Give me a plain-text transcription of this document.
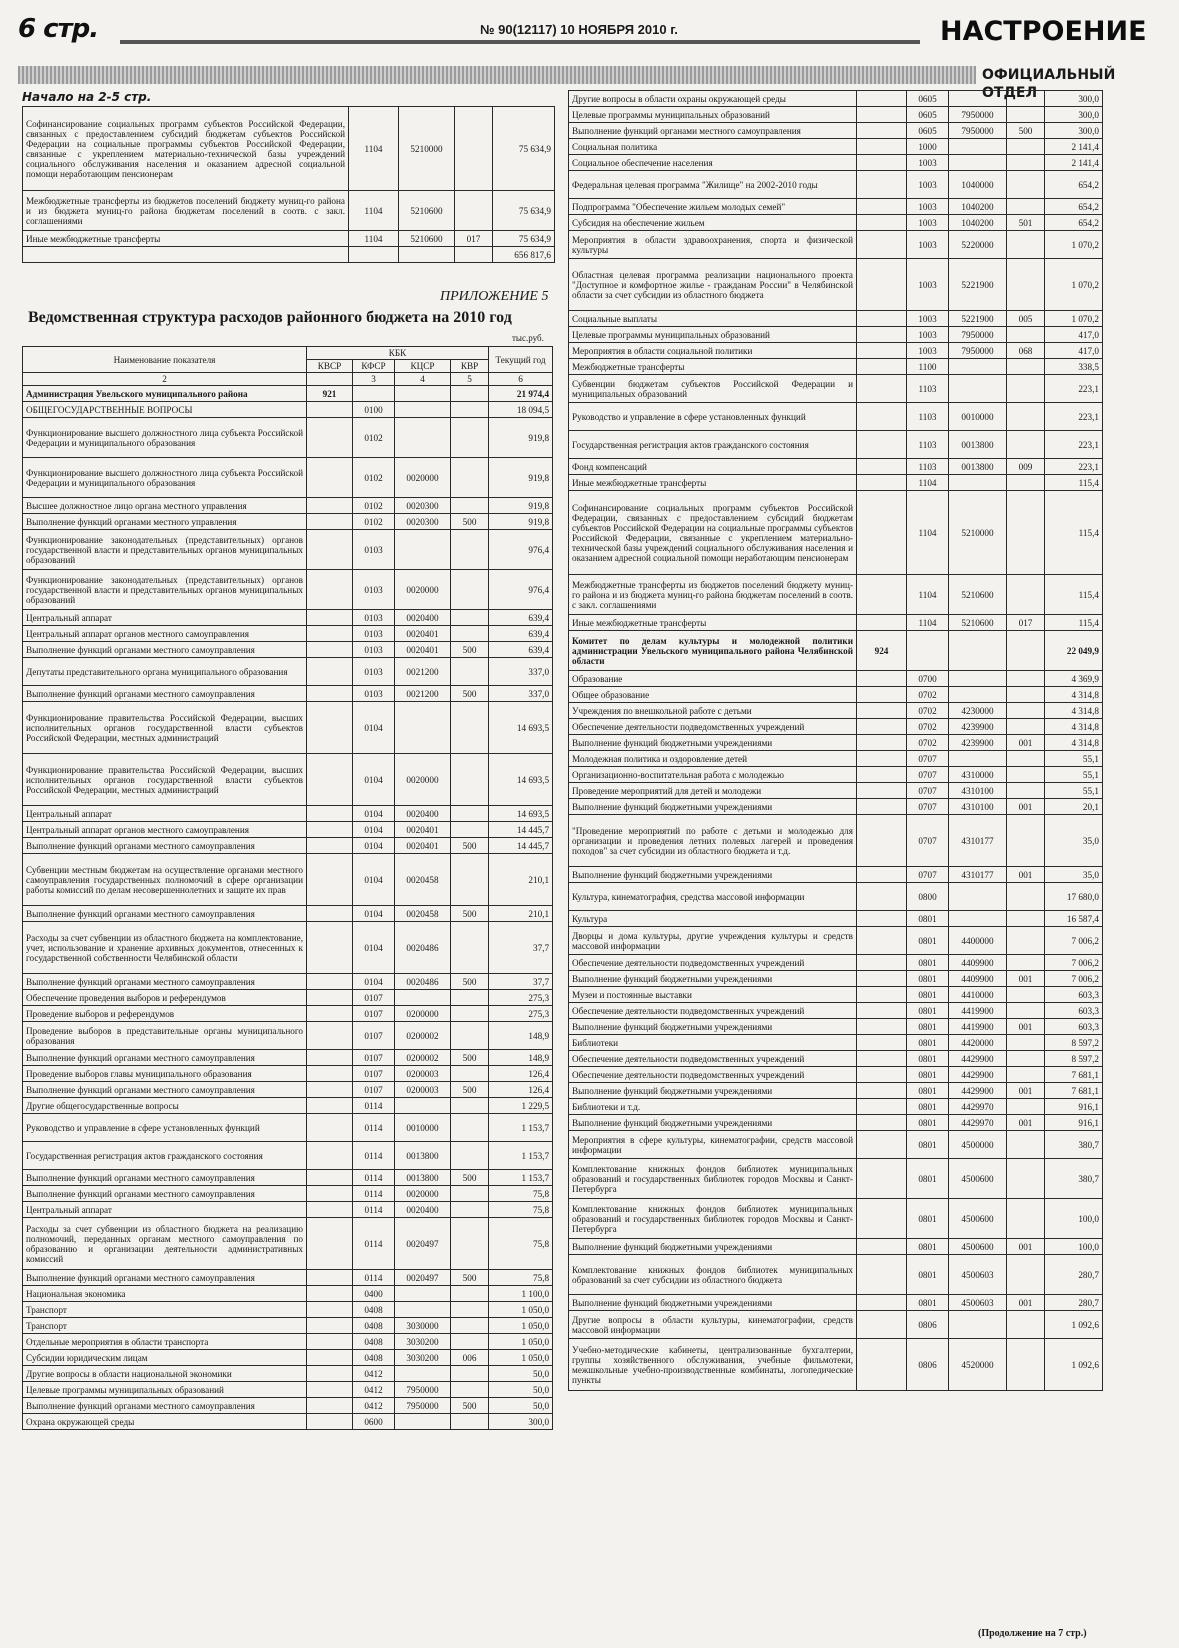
6 стр.	№ 90(12117) 10 НОЯБРЯ 2010 г.	НАСТРОЕНИЕ
ОФИЦИАЛЬНЫЙ ОТДЕЛ
Начало на 2-5 стр.
Софинансирование социальных программ субъектов Российской Федерации, связанных с предоставлением субсидий бюджетам субъектов Российской Федерации на социальные программы субъектов Российской Федерации, связанные с укреплением материально-технической базы учреждений социального обслуживания населения и оказанием адресной социальной помощи неработающим пенсионерам	1104	5210000		75 634,9
Межбюджетные трансферты из бюджетов поселений бюджету муниц-го района и из бюджета муниц-го района бюджетам поселений в соотв. с закл. соглашениями	1104	5210600		75 634,9
Иные межбюджетные трансферты	1104	5210600	017	75 634,9
				656 817,6
ПРИЛОЖЕНИЕ 5
Ведомственная структура расходов районного бюджета на 2010 год
тыс.руб.
Наименование показателя	КБК				Текущий год
	КВСР	КФСР	КЦСР	КВР	
2		3	4	5	6
Администрация Увельского муниципального района	921				21 974,4
ОБЩЕГОСУДАРСТВЕННЫЕ ВОПРОСЫ		0100			18 094,5
Функционирование высшего должностного лица субъекта Российской Федерации и муниципального образования		0102			919,8
Функционирование высшего должностного лица субъекта Российской Федерации и муниципального образования		0102	0020000		919,8
Высшее должностное лицо органа местного управления		0102	0020300		919,8
Выполнение функций органами местного управления		0102	0020300	500	919,8
Функционирование законодательных (представительных) органов государственной власти и представительных органов муниципальных образований		0103			976,4
Функционирование законодательных (представительных) органов государственной власти и представительных органов муниципальных образований		0103	0020000		976,4
Центральный аппарат		0103	0020400		639,4
Центральный аппарат органов местного самоуправления		0103	0020401		639,4
Выполнение функций органами местного самоуправления		0103	0020401	500	639,4
Депутаты представительного органа муниципального образования		0103	0021200		337,0
Выполнение функций органами местного самоуправления		0103	0021200	500	337,0
Функционирование правительства Российской Федерации, высших исполнительных органов государственной власти субъектов Российской Федерации, местных администраций		0104			14 693,5
Функционирование правительства Российской Федерации, высших исполнительных органов государственной власти субъектов Российской Федерации, местных администраций		0104	0020000		14 693,5
Центральный аппарат		0104	0020400		14 693,5
Центральный аппарат органов местного самоуправления		0104	0020401		14 445,7
Выполнение функций органами местного самоуправления		0104	0020401	500	14 445,7
Субвенции местным бюджетам на осуществление органами местного самоуправления государственных полномочий в сфере организации работы комиссий по делам несовершеннолетних и защите их прав		0104	0020458		210,1
Выполнение функций органами местного самоуправления		0104	0020458	500	210,1
Расходы за счет субвенции из областного бюджета на комплектование, учет, использование и хранение архивных документов, отнесенных к государственной собственности Челябинской области		0104	0020486		37,7
Выполнение функций органами местного самоуправления		0104	0020486	500	37,7
Обеспечение проведения выборов и референдумов		0107			275,3
Проведение выборов и референдумов		0107	0200000		275,3
Проведение выборов в представительные органы муниципального образования		0107	0200002		148,9
Выполнение функций органами местного самоуправления		0107	0200002	500	148,9
Проведение выборов главы муниципального образования		0107	0200003		126,4
Выполнение функций органами местного самоуправления		0107	0200003	500	126,4
Другие общегосударственные вопросы		0114			1 229,5
Руководство и управление в сфере установленных функций		0114	0010000		1 153,7
Государственная регистрация актов гражданского состояния		0114	0013800		1 153,7
Выполнение функций органами местного самоуправления		0114	0013800	500	1 153,7
Выполнение функций органами местного самоуправления		0114	0020000		75,8
Центральный аппарат		0114	0020400		75,8
Расходы за счет субвенции из областного бюджета на реализацию полномочий, переданных органам местного самоуправления по образованию и организации деятельности административных комиссий		0114	0020497		75,8
Выполнение функций органами местного самоуправления		0114	0020497	500	75,8
Национальная экономика		0400			1 100,0
Транспорт		0408			1 050,0
Транспорт		0408	3030000		1 050,0
Отдельные мероприятия в области транспорта		0408	3030200		1 050,0
Субсидии юридическим лицам		0408	3030200	006	1 050,0
Другие вопросы в области национальной экономики		0412			50,0
Целевые программы муниципальных образований		0412	7950000		50,0
Выполнение функций органами местного самоуправления		0412	7950000	500	50,0
Охрана окружающей среды		0600			300,0
Другие вопросы в области охраны окружающей среды		0605			300,0
Целевые программы муниципальных образований		0605	7950000		300,0
Выполнение функций органами местного самоуправления		0605	7950000	500	300,0
Социальная политика		1000			2 141,4
Социальное обеспечение населения		1003			2 141,4
Федеральная целевая программа "Жилище" на 2002-2010 годы		1003	1040000		654,2
Подпрограмма "Обеспечение жильем молодых семей"		1003	1040200		654,2
Субсидия на обеспечение жильем		1003	1040200	501	654,2
Мероприятия в области здравоохранения, спорта и физической культуры		1003	5220000		1 070,2
Областная целевая программа реализации национального проекта "Доступное и комфортное жилье - гражданам России" в Челябинской области за счет субсидии из областного бюджета		1003	5221900		1 070,2
Социальные выплаты		1003	5221900	005	1 070,2
Целевые программы муниципальных образований		1003	7950000		417,0
Мероприятия в области социальной политики		1003	7950000	068	417,0
Межбюджетные трансферты		1100			338,5
Субвенции бюджетам субъектов Российской Федерации и муниципальных образований		1103			223,1
Руководство и управление в сфере установленных функций		1103	0010000		223,1
Государственная регистрация актов гражданского состояния		1103	0013800		223,1
Фонд компенсаций		1103	0013800	009	223,1
Иные межбюджетные трансферты		1104			115,4
Софинансирование социальных программ субъектов Российской Федерации, связанных с предоставлением субсидий бюджетам субъектов Российской Федерации на социальные программы субъектов Российской Федерации, связанные с укреплением материально-технической базы учреждений социального обслуживания населения и оказанием адресной социальной помощи неработающим пенсионерам		1104	5210000		115,4
Межбюджетные трансферты из бюджетов поселений бюджету муниц-го района и из бюджета муниц-го района бюджетам поселений в соотв. с закл. соглашениями		1104	5210600		115,4
Иные межбюджетные трансферты		1104	5210600	017	115,4
Комитет по делам культуры и молодежной политики администрации Увельского муниципального района Челябинской области	924				22 049,9
Образование		0700			4 369,9
Общее образование		0702			4 314,8
Учреждения по внешкольной работе с детьми		0702	4230000		4 314,8
Обеспечение деятельности подведомственных учреждений		0702	4239900		4 314,8
Выполнение функций бюджетными учреждениями		0702	4239900	001	4 314,8
Молодежная политика и оздоровление детей		0707			55,1
Организационно-воспитательная работа с молодежью		0707	4310000		55,1
Проведение мероприятий для детей и молодежи		0707	4310100		55,1
Выполнение функций бюджетными учреждениями		0707	4310100	001	20,1
"Проведение мероприятий по работе с детьми и молодежью для организации и проведения летних полевых лагерей и проведения походов" за счет субсидии из областного бюджета и т.д.		0707	4310177		35,0
Выполнение функций бюджетными учреждениями		0707	4310177	001	35,0
Культура, кинематография, средства массовой информации		0800			17 680,0
Культура		0801			16 587,4
Дворцы и дома культуры, другие учреждения культуры и средств массовой информации		0801	4400000		7 006,2
Обеспечение деятельности подведомственных учреждений		0801	4409900		7 006,2
Выполнение функций бюджетными учреждениями		0801	4409900	001	7 006,2
Музеи и постоянные выставки		0801	4410000		603,3
Обеспечение деятельности подведомственных учреждений		0801	4419900		603,3
Выполнение функций бюджетными учреждениями		0801	4419900	001	603,3
Библиотеки		0801	4420000		8 597,2
Обеспечение деятельности подведомственных учреждений		0801	4429900		8 597,2
Обеспечение деятельности подведомственных учреждений		0801	4429900		7 681,1
Выполнение функций бюджетными учреждениями		0801	4429900	001	7 681,1
Библиотеки и т.д.		0801	4429970		916,1
Выполнение функций бюджетными учреждениями		0801	4429970	001	916,1
Мероприятия в сфере культуры, кинематографии, средств массовой информации		0801	4500000		380,7
Комплектование книжных фондов библиотек муниципальных образований и государственных библиотек городов Москвы и Санкт-Петербурга		0801	4500600		380,7
Комплектование книжных фондов библиотек муниципальных образований и государственных библиотек городов Москвы и Санкт-Петербурга		0801	4500600		100,0
Выполнение функций бюджетными учреждениями		0801	4500600	001	100,0
Комплектование книжных фондов библиотек муниципальных образований за счет субсидии из областного бюджета		0801	4500603		280,7
Выполнение функций бюджетными учреждениями		0801	4500603	001	280,7
Другие вопросы в области культуры, кинематографии, средств массовой информации		0806			1 092,6
Учебно-методические кабинеты, централизованные бухгалтерии, группы хозяйственного обслуживания, учебные фильмотеки, межшкольные учебно-производственные комбинаты, логопедические пункты		0806	4520000		1 092,6
(Продолжение на 7 стр.)
